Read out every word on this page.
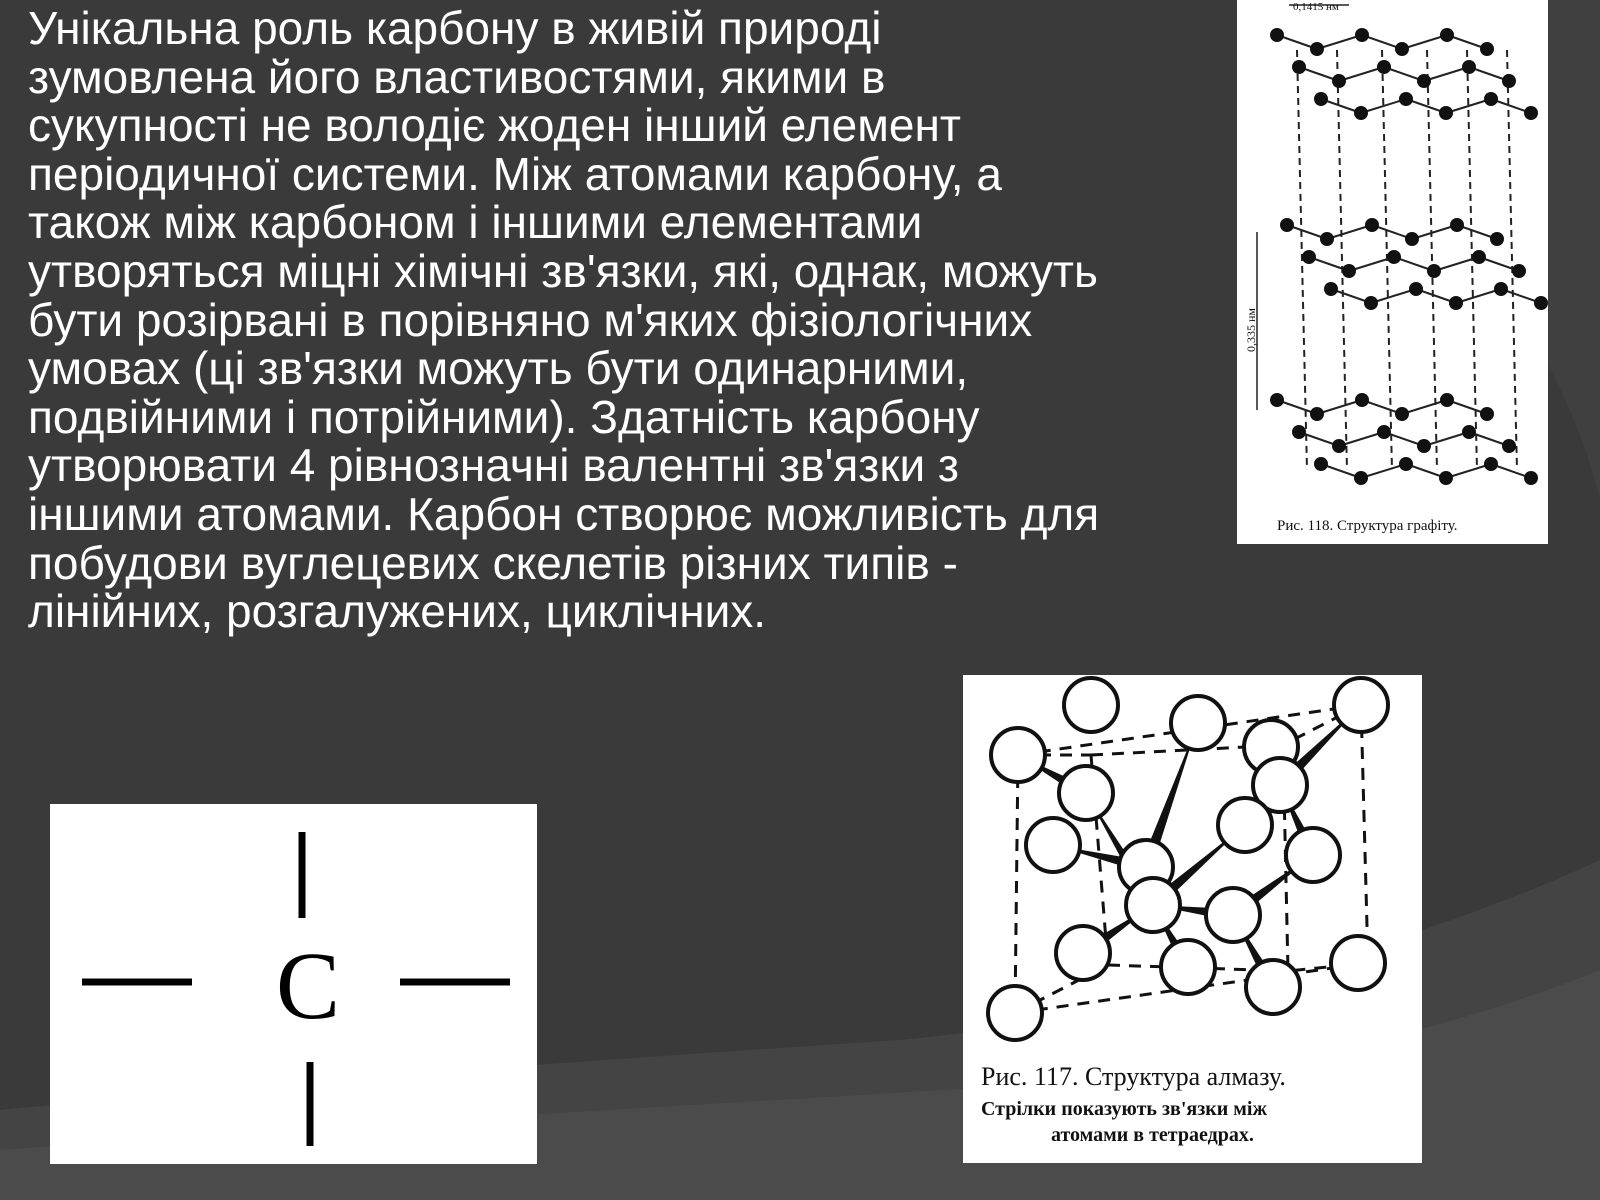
Унікальна роль карбону в живій природі
зумовлена його властивостями, якими в
сукупності не володіє жоден інший елемент
періодичної системи. Між атомами карбону, а
також між карбоном і іншими елементами
утворяться міцні хімічні зв'язки, які, однак, можуть
бути розірвані в порівняно м'яких фізіологічних
умовах (ці зв'язки можуть бути одинарними,
подвійними і потрійними). Здатність карбону
утворювати 4 рівнозначні валентні зв'язки з
іншими атомами. Карбон створює можливість для
побудови вуглецевих скелетів різних типів -
лінійних, розгалужених, циклічних.
0,1415 нм
0,335 нм
Рис. 118. Структура графіту.
C
Рис. 117. Структура алмазу.
Стрілки показують зв'язки між
атомами в тетраедрах.
